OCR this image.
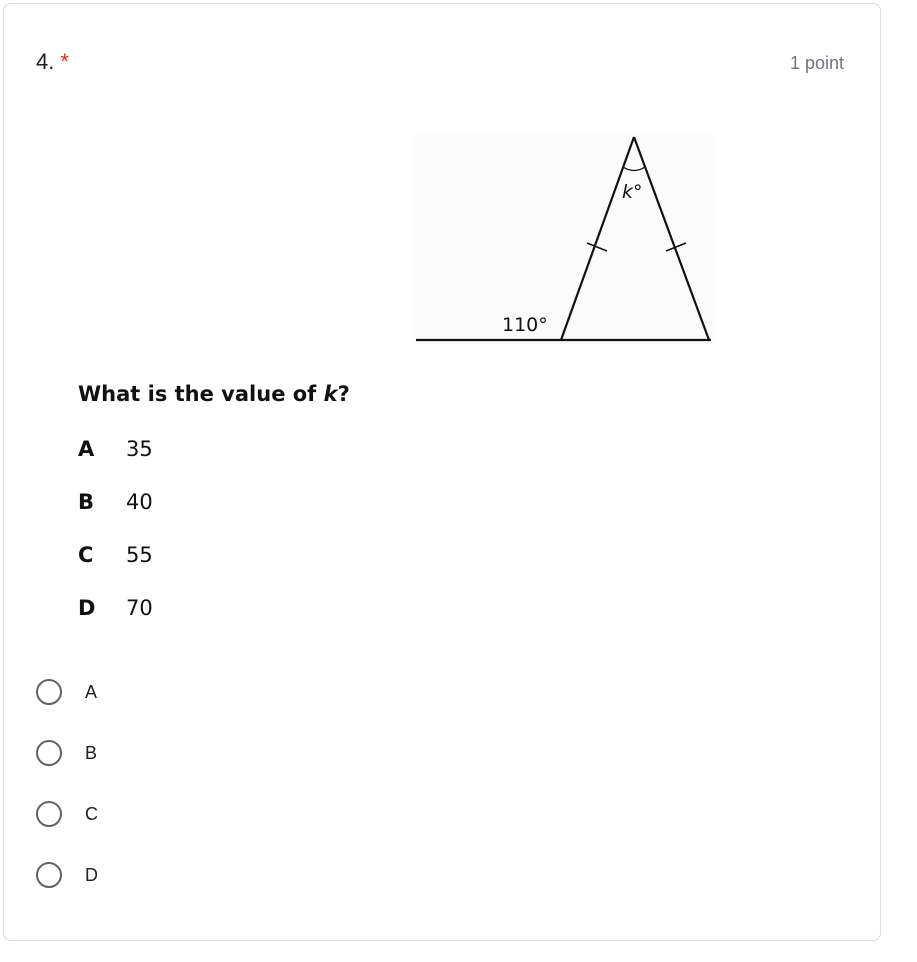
4. *	1 point
k°
110°
What is the value of k?
A 35
B 40
C 55
D 70
A
B
C
D
